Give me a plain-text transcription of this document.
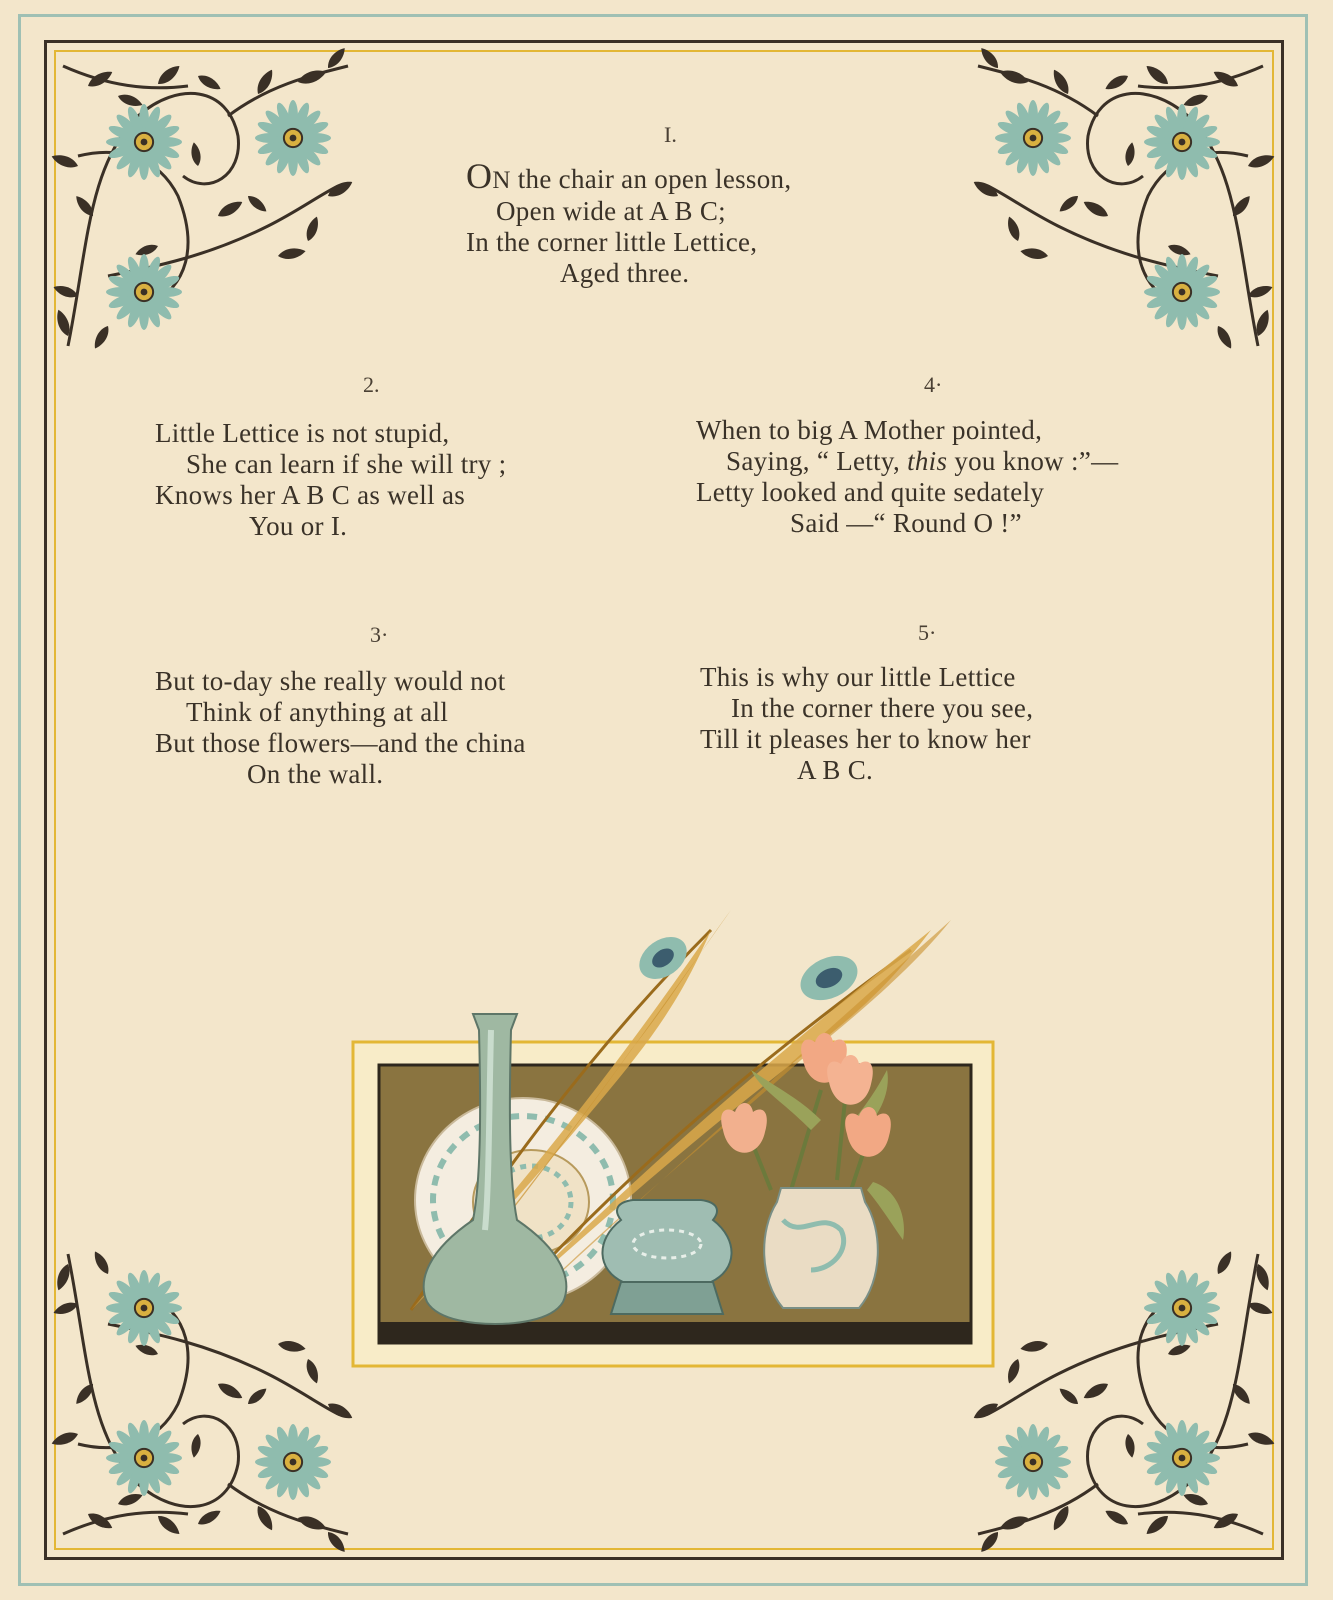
I.
ON the chair an open lesson,
Open wide at A B C;
In the corner little Lettice,
Aged three.
2.
Little Lettice is not stupid,
She can learn if she will try ;
Knows her A B C as well as
You or I.
4·
When to big A Mother pointed,
Saying, “ Letty, this you know :”—
Letty looked and quite sedately
Said —“ Round O !”
3·
But to-day she really would not
Think of anything at all
But those flowers—and the china
On the wall.
5·
This is why our little Lettice
In the corner there you see,
Till it pleases her to know her
A B C.
